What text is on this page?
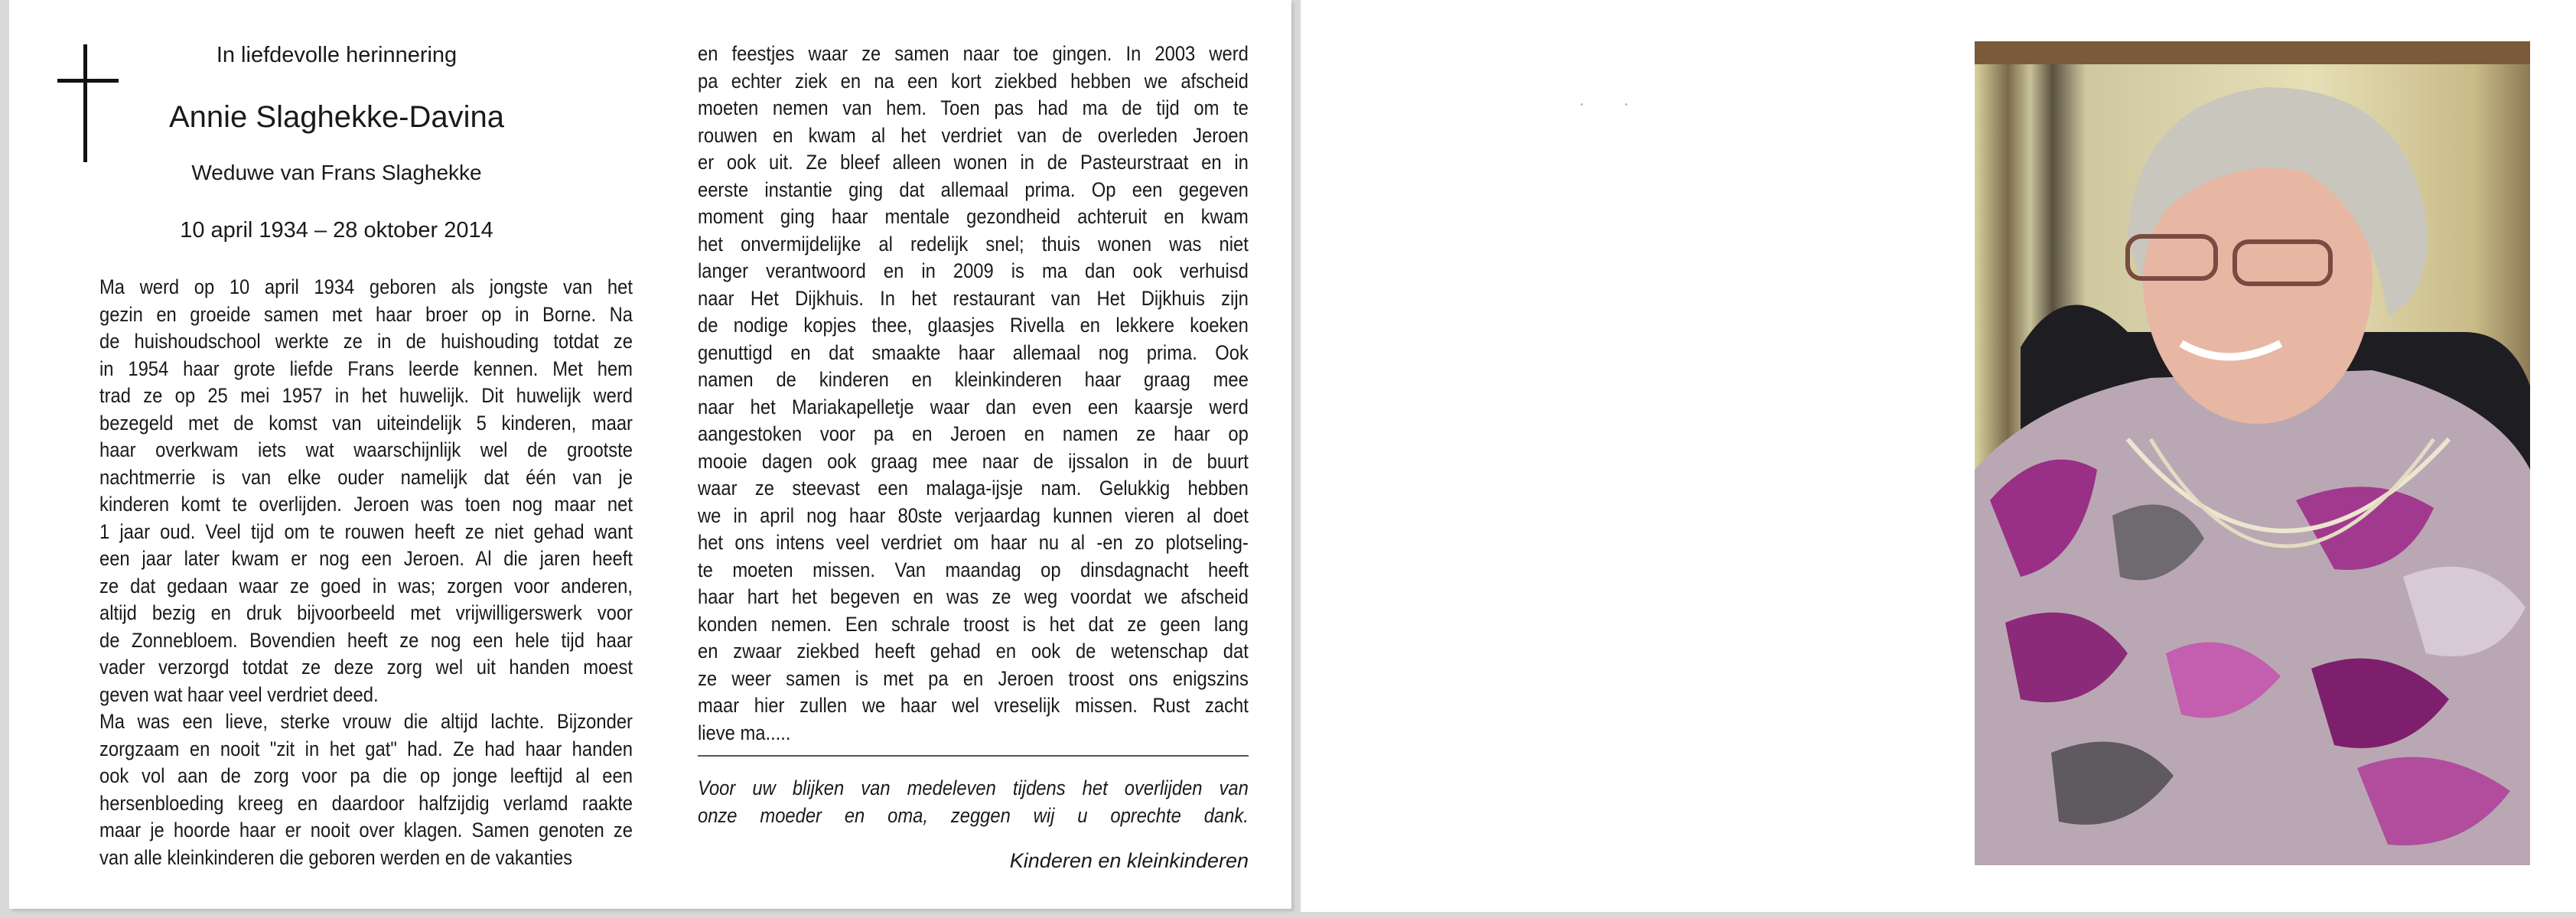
In liefdevolle herinnering
Annie Slaghekke-Davina
Weduwe van Frans Slaghekke
10 april 1934 – 28 oktober 2014
Ma werd op 10 april 1934 geboren als jongste van het
gezin en groeide samen met haar broer op in Borne. Na
de huishoudschool werkte ze in de huishouding totdat ze
in 1954 haar grote liefde Frans leerde kennen. Met hem
trad ze op 25 mei 1957 in het huwelijk. Dit huwelijk werd
bezegeld met de komst van uiteindelijk 5 kinderen, maar
haar overkwam iets wat waarschijnlijk wel de grootste
nachtmerrie is van elke ouder namelijk dat één van je
kinderen komt te overlijden. Jeroen was toen nog maar net
1 jaar oud. Veel tijd om te rouwen heeft ze niet gehad want
een jaar later kwam er nog een Jeroen. Al die jaren heeft
ze dat gedaan waar ze goed in was; zorgen voor anderen,
altijd bezig en druk bijvoorbeeld met vrijwilligerswerk voor
de Zonnebloem. Bovendien heeft ze nog een hele tijd haar
vader verzorgd totdat ze deze zorg wel uit handen moest
geven wat haar veel verdriet deed.
Ma was een lieve, sterke vrouw die altijd lachte. Bijzonder
zorgzaam en nooit "zit in het gat" had. Ze had haar handen
ook vol aan de zorg voor pa die op jonge leeftijd al een
hersenbloeding kreeg en daardoor halfzijdig verlamd raakte
maar je hoorde haar er nooit over klagen. Samen genoten ze
van alle kleinkinderen die geboren werden en de vakanties
en feestjes waar ze samen naar toe gingen. In 2003 werd
pa echter ziek en na een kort ziekbed hebben we afscheid
moeten nemen van hem. Toen pas had ma de tijd om te
rouwen en kwam al het verdriet van de overleden Jeroen
er ook uit. Ze bleef alleen wonen in de Pasteurstraat en in
eerste instantie ging dat allemaal prima. Op een gegeven
moment ging haar mentale gezondheid achteruit en kwam
het onvermijdelijke al redelijk snel; thuis wonen was niet
langer verantwoord en in 2009 is ma dan ook verhuisd
naar Het Dijkhuis. In het restaurant van Het Dijkhuis zijn
de nodige kopjes thee, glaasjes Rivella en lekkere koeken
genuttigd en dat smaakte haar allemaal nog prima. Ook
namen de kinderen en kleinkinderen haar graag mee
naar het Mariakapelletje waar dan even een kaarsje werd
aangestoken voor pa en Jeroen en namen ze haar op
mooie dagen ook graag mee naar de ijssalon in de buurt
waar ze steevast een malaga-ijsje nam. Gelukkig hebben
we in april nog haar 80ste verjaardag kunnen vieren al doet
het ons intens veel verdriet om haar nu al -en zo plotseling-
te moeten missen. Van maandag op dinsdagnacht heeft
haar hart het begeven en was ze weg voordat we afscheid
konden nemen. Een schrale troost is het dat ze geen lang
en zwaar ziekbed heeft gehad en ook de wetenschap dat
ze weer samen is met pa en Jeroen troost ons enigszins
maar hier zullen we haar wel vreselijk missen. Rust zacht
lieve ma.....
Voor uw blijken van medeleven tijdens het overlijden van
onze moeder en oma, zeggen wij u oprechte dank.
Kinderen en kleinkinderen
